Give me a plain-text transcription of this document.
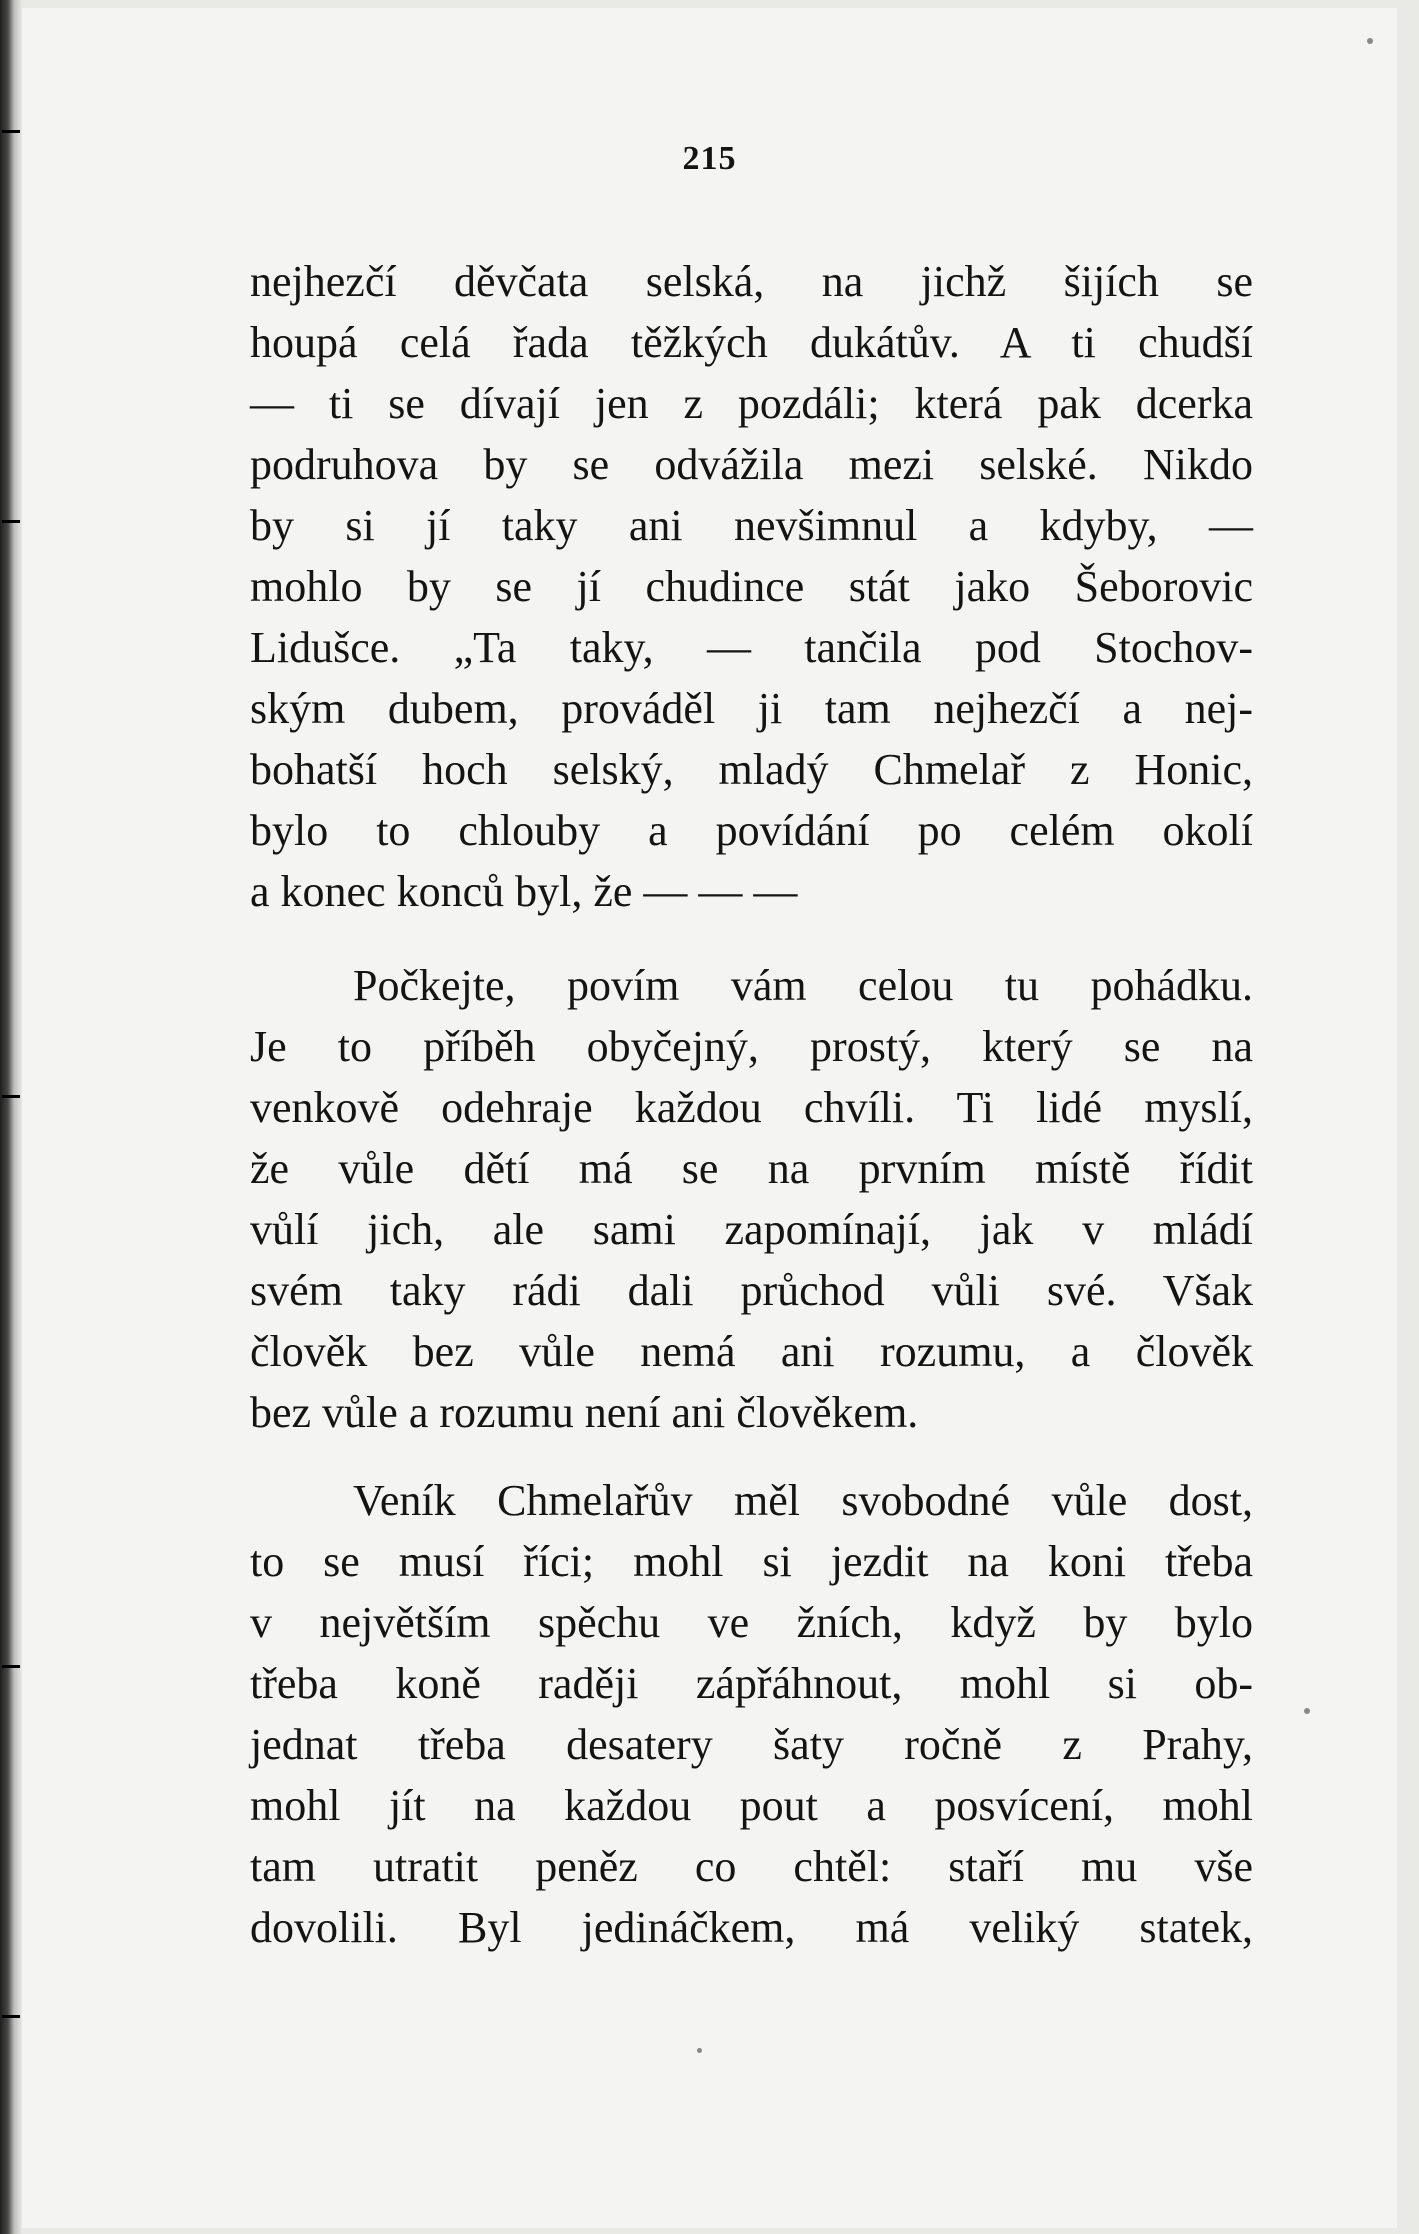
215
nejhezčí děvčata selská, na jichž šijích se
houpá celá řada těžkých dukátův. A ti chudší
— ti se dívají jen z pozdáli; která pak dcerka
podruhova by se odvážila mezi selské. Nikdo
by si jí taky ani nevšimnul a kdyby, —
mohlo by se jí chudince stát jako Šeborovic
Lidušce. „Ta taky, — tančila pod Stochov-
ským dubem, prováděl ji tam nejhezčí a nej-
bohatší hoch selský, mladý Chmelař z Honic,
bylo to chlouby a povídání po celém okolí
a konec konců byl, že — — —
Počkejte, povím vám celou tu pohádku.
Je to příběh obyčejný, prostý, který se na
venkově odehraje každou chvíli. Ti lidé myslí,
že vůle dětí má se na prvním místě řídit
vůlí jich, ale sami zapomínají, jak v mládí
svém taky rádi dali průchod vůli své. Však
člověk bez vůle nemá ani rozumu, a člověk
bez vůle a rozumu není ani člověkem.
Veník Chmelařův měl svobodné vůle dost,
to se musí říci; mohl si jezdit na koni třeba
v největším spěchu ve žních, když by bylo
třeba koně raději zápřáhnout, mohl si ob-
jednat třeba desatery šaty ročně z Prahy,
mohl jít na každou pout a posvícení, mohl
tam utratit peněz co chtěl: staří mu vše
dovolili. Byl jedináčkem, má veliký statek,
